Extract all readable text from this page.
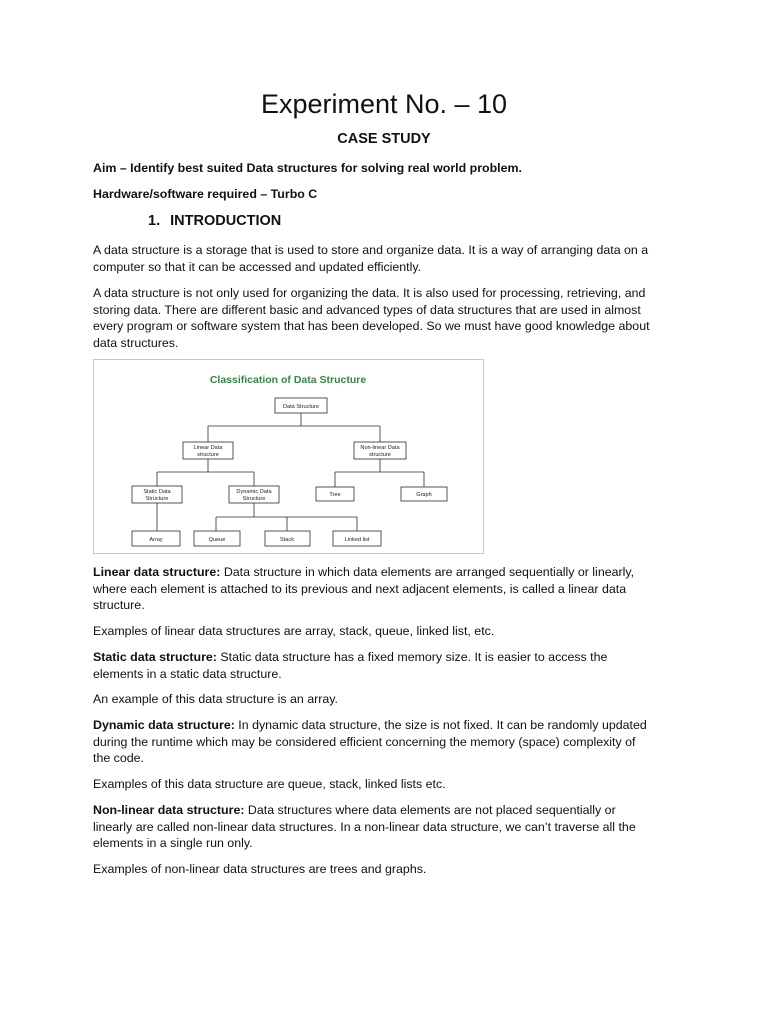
Experiment No. – 10
CASE STUDY
Aim – Identify best suited Data structures for solving real world problem.
Hardware/software required – Turbo C
1. INTRODUCTION
A data structure is a storage that is used to store and organize data. It is a way of arranging data on a
computer so that it can be accessed and updated efficiently.
A data structure is not only used for organizing the data. It is also used for processing, retrieving, and
storing data. There are different basic and advanced types of data structures that are used in almost
every program or software system that has been developed. So we must have good knowledge about
data structures.
Classification of Data Structure
Data Structure
Linear Data
structure
Non-linear Data
structure
Static Data
Structure
Dynamic Data
Structure
Tree	Graph
Array	Queue	Stack	Linked list
Linear data structure: Data structure in which data elements are arranged sequentially or linearly,
where each element is attached to its previous and next adjacent elements, is called a linear data
structure.
Examples of linear data structures are array, stack, queue, linked list, etc.
Static data structure: Static data structure has a fixed memory size. It is easier to access the
elements in a static data structure.
An example of this data structure is an array.
Dynamic data structure: In dynamic data structure, the size is not fixed. It can be randomly updated
during the runtime which may be considered efficient concerning the memory (space) complexity of
the code.
Examples of this data structure are queue, stack, linked lists etc.
Non-linear data structure: Data structures where data elements are not placed sequentially or
linearly are called non-linear data structures. In a non-linear data structure, we can’t traverse all the
elements in a single run only.
Examples of non-linear data structures are trees and graphs.
